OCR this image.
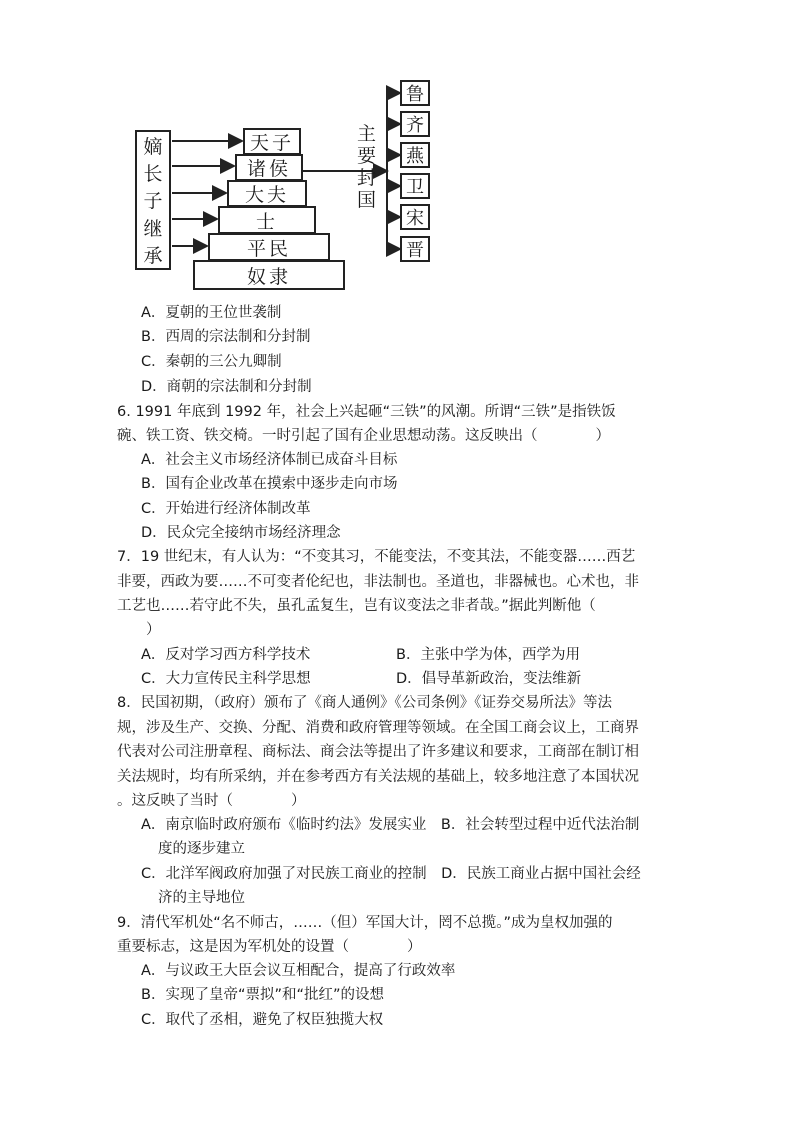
嫡
长
子
继
承
天子
诸侯
大夫
士
平民
奴隶
主
要
封
国
鲁
齐
燕
卫
宋
晋
A．夏朝的王位世袭制
B．西周的宗法制和分封制
C．秦朝的三公九卿制
D．商朝的宗法制和分封制
6. 1991 年底到 1992 年，社会上兴起砸“三铁”的风潮。所谓“三铁”是指铁饭
碗、铁工资、铁交椅。一时引起了国有企业思想动荡。这反映出（　　　　）
A．社会主义市场经济体制已成奋斗目标
B．国有企业改革在摸索中逐步走向市场
C．开始进行经济体制改革
D．民众完全接纳市场经济理念
7．19 世纪末，有人认为：“不变其习，不能变法，不变其法，不能变器……西艺
非要，西政为要……不可变者伦纪也，非法制也。圣道也，非器械也。心术也，非
工艺也……若守此不失，虽孔孟复生，岂有议变法之非者哉。”据此判断他（
　　）
A．反对学习西方科学技术	B．主张中学为体，西学为用
C．大力宣传民主科学思想	D．倡导革新政治，变法维新
8．民国初期，（政府）颁布了《商人通例》《公司条例》《证券交易所法》等法
规，涉及生产、交换、分配、消费和政府管理等领域。在全国工商会议上，工商界
代表对公司注册章程、商标法、商会法等提出了许多建议和要求，工商部在制订相
关法规时，均有所采纳，并在参考西方有关法规的基础上，较多地注意了本国状况
。这反映了当时（　　　　）
A．南京临时政府颁布《临时约法》发展实业　B．社会转型过程中近代法治制
度的逐步建立
C．北洋军阀政府加强了对民族工商业的控制　D．民族工商业占据中国社会经
济的主导地位
9．清代军机处“名不师古，……（但）军国大计，罔不总揽。”成为皇权加强的
重要标志，这是因为军机处的设置（　　　　）
A．与议政王大臣会议互相配合，提高了行政效率
B．实现了皇帝“票拟”和“批红”的设想
C．取代了丞相，避免了权臣独揽大权
